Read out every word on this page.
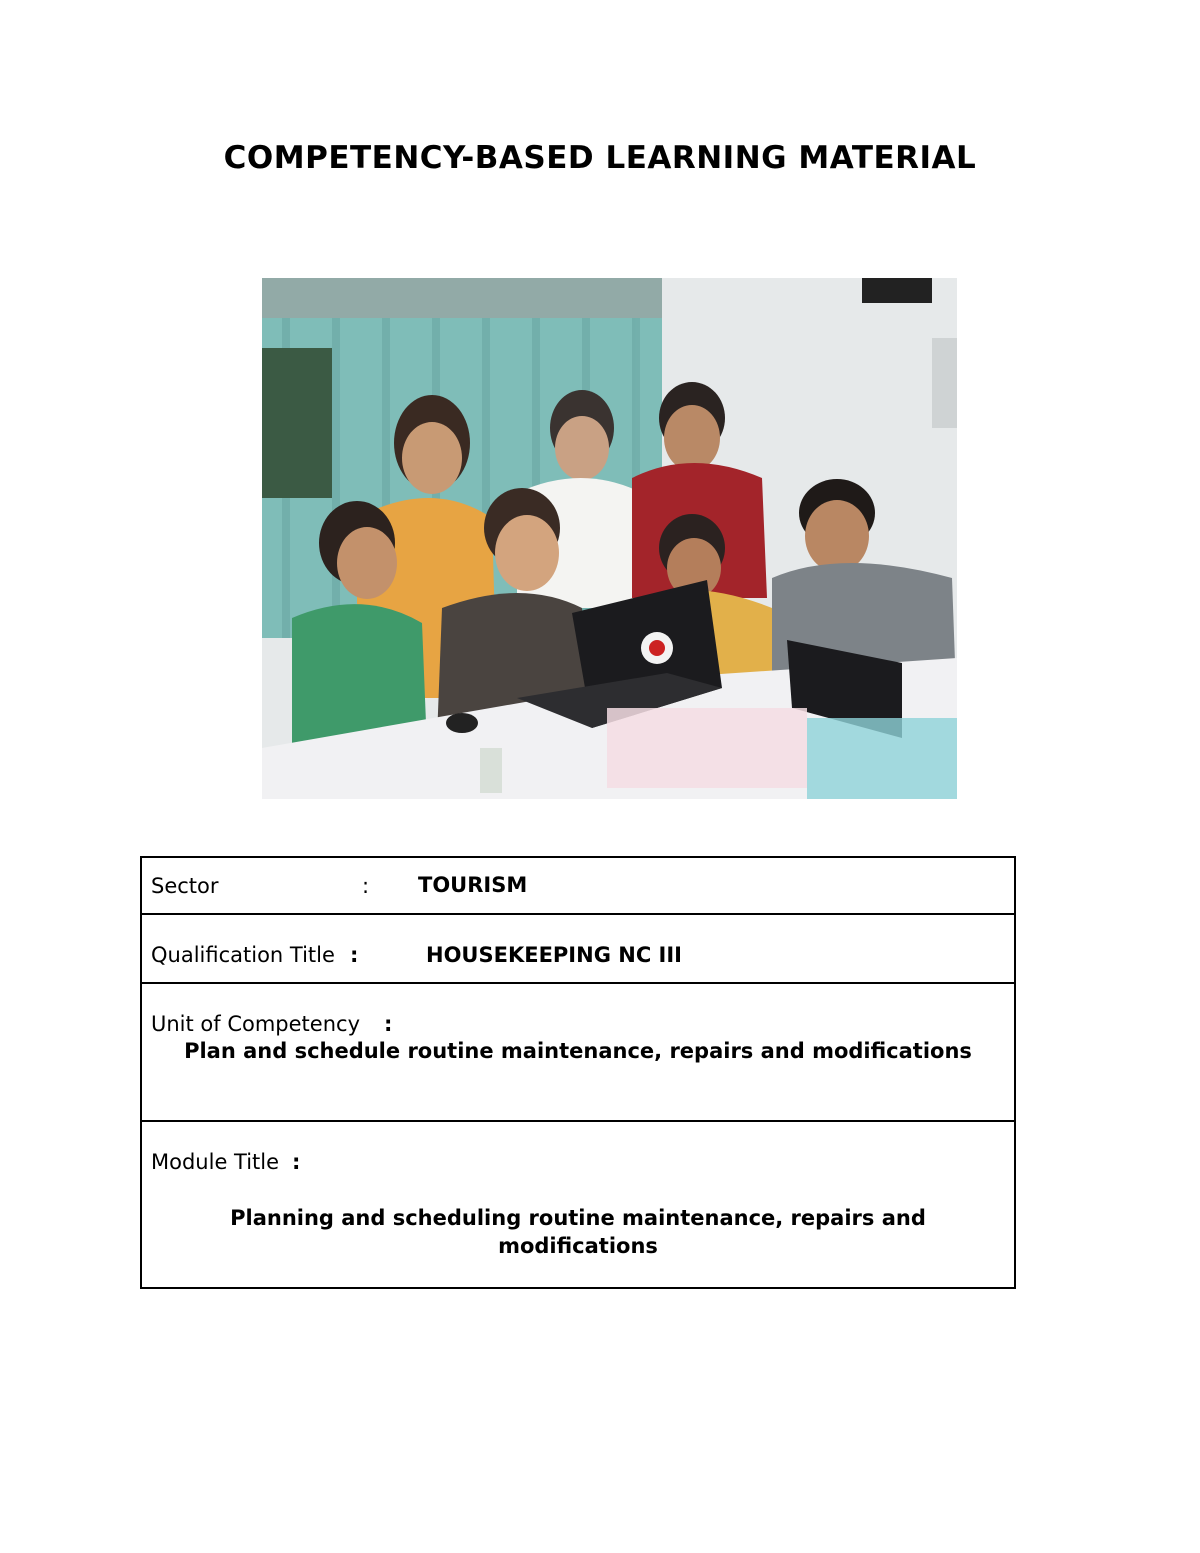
COMPETENCY-BASED LEARNING MATERIAL
Sector	: TOURISM
Qualification Title :	HOUSEKEEPING NC III
Unit of Competency :
Plan and schedule routine maintenance, repairs and modifications
Module Title :
Planning and scheduling routine maintenance, repairs and modifications
